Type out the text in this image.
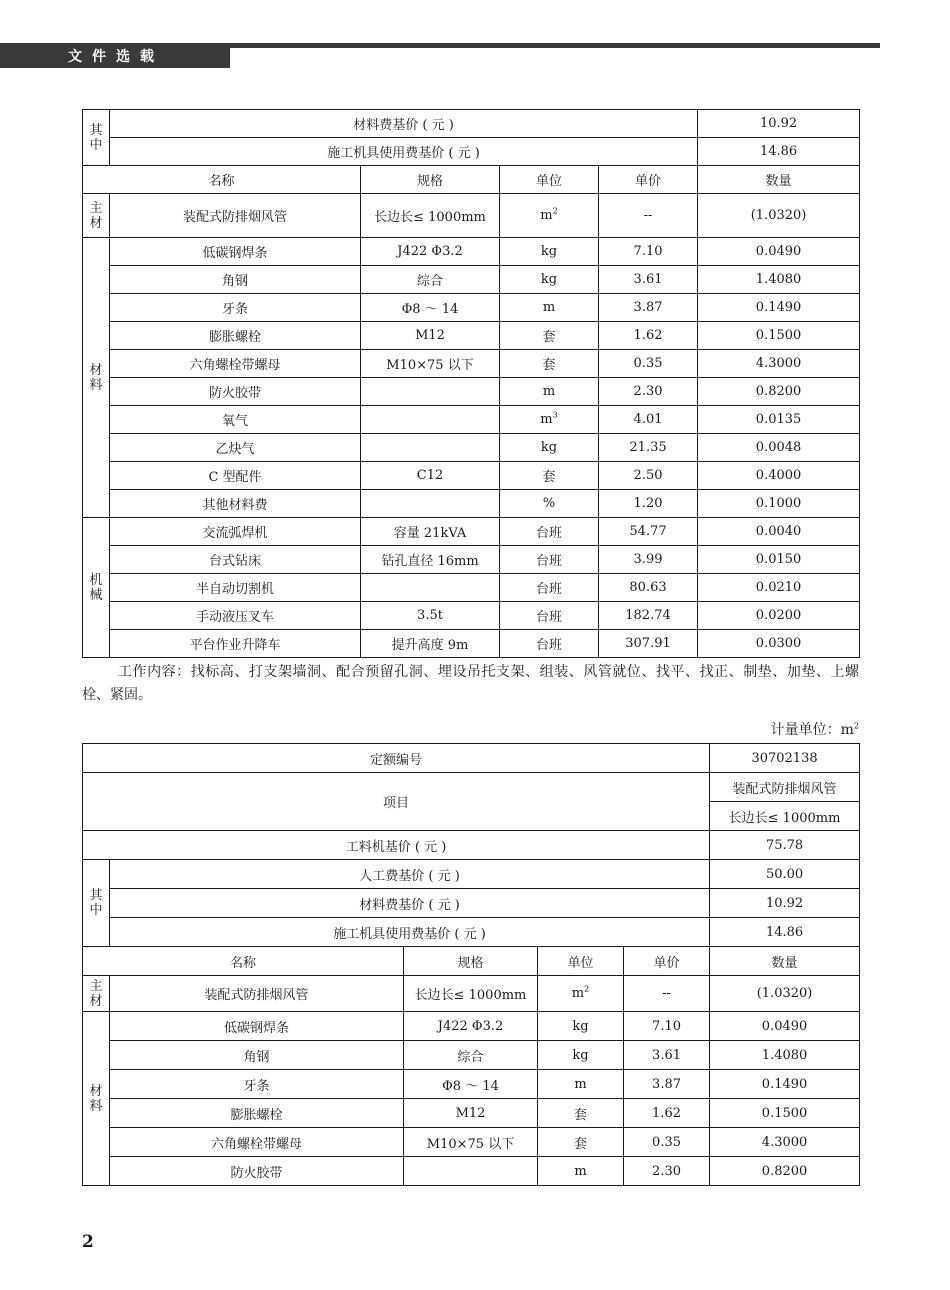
文件选载
其
中	材料费基价 ( 元 )				10.92
	施工机具使用费基价 ( 元 )				14.86
名称		规格	单位	单价	数量
主
材	装配式防排烟风管	长边长≤ 1000mm	$m^2$	--	(1.0320)
材
料	低碳钢焊条	J422 Φ3.2	kg	7.10	0.0490
	角钢	综合	kg	3.61	1.4080
	牙条	Φ8 ～ 14	m	3.87	0.1490
	膨胀螺栓	M12	套	1.62	0.1500
	六角螺栓带螺母	M10×75 以下	套	0.35	4.3000
	防火胶带		m	2.30	0.8200
	氧气		$m^3$	4.01	0.0135
	乙炔气		kg	21.35	0.0048
	C 型配件	C12	套	2.50	0.4000
	其他材料费		%	1.20	0.1000
机
械	交流弧焊机	容量 21kVA	台班	54.77	0.0040
	台式钻床	钻孔直径 16mm	台班	3.99	0.0150
	半自动切割机		台班	80.63	0.0210
	手动液压叉车	3.5t	台班	182.74	0.0200
	平台作业升降车	提升高度 9m	台班	307.91	0.0300
工作内容：找标高、打支架墙洞、配合预留孔洞、埋设吊托支架、组装、风管就位、找平、找正、制垫、加垫、上螺栓、紧固。
计量单位：$m^2$
定额编号					30702138
项目					装配式防排烟风管
					长边长≤ 1000mm
工料机基价 ( 元 )					75.78
其
中	人工费基价 ( 元 )				50.00
	材料费基价 ( 元 )				10.92
	施工机具使用费基价 ( 元 )				14.86
名称		规格	单位	单价	数量
主
材	装配式防排烟风管	长边长≤ 1000mm	$m^2$	--	(1.0320)
材
料	低碳钢焊条	J422 Φ3.2	kg	7.10	0.0490
	角钢	综合	kg	3.61	1.4080
	牙条	Φ8 ～ 14	m	3.87	0.1490
	膨胀螺栓	M12	套	1.62	0.1500
	六角螺栓带螺母	M10×75 以下	套	0.35	4.3000
	防火胶带		m	2.30	0.8200
2
